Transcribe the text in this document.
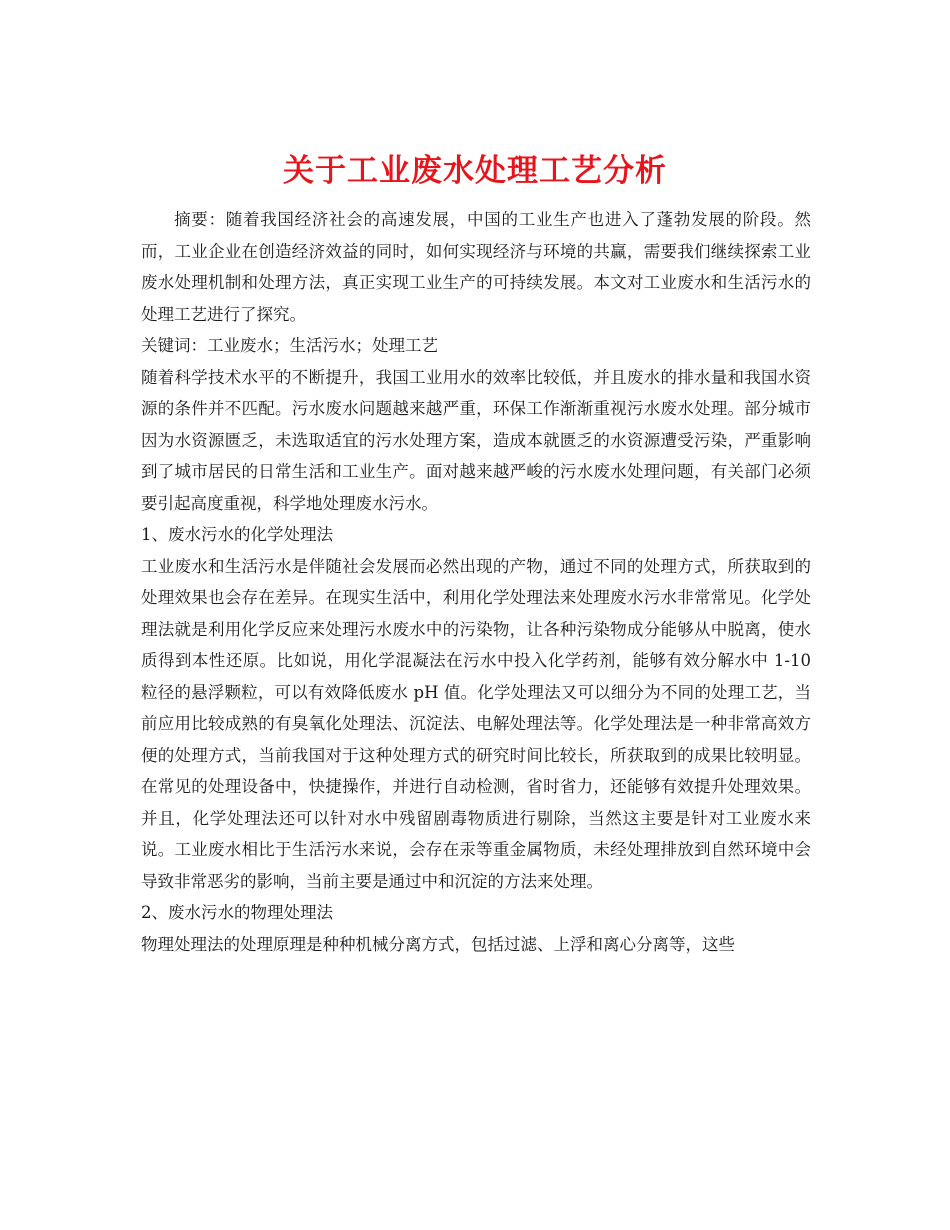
关于工业废水处理工艺分析

摘要：随着我国经济社会的高速发展，中国的工业生产也进入了蓬勃发展的阶段。然而，工业企业在创造经济效益的同时，如何实现经济与环境的共赢，需要我们继续探索工业废水处理机制和处理方法，真正实现工业生产的可持续发展。本文对工业废水和生活污水的处理工艺进行了探究。

关键词：工业废水；生活污水；处理工艺

随着科学技术水平的不断提升，我国工业用水的效率比较低，并且废水的排水量和我国水资源的条件并不匹配。污水废水问题越来越严重，环保工作渐渐重视污水废水处理。部分城市因为水资源匮乏，未选取适宜的污水处理方案，造成本就匮乏的水资源遭受污染，严重影响到了城市居民的日常生活和工业生产。面对越来越严峻的污水废水处理问题，有关部门必须要引起高度重视，科学地处理废水污水。

1、废水污水的化学处理法

工业废水和生活污水是伴随社会发展而必然出现的产物，通过不同的处理方式，所获取到的处理效果也会存在差异。在现实生活中，利用化学处理法来处理废水污水非常常见。化学处理法就是利用化学反应来处理污水废水中的污染物，让各种污染物成分能够从中脱离，使水质得到本性还原。比如说，用化学混凝法在污水中投入化学药剂，能够有效分解水中 1-10 粒径的悬浮颗粒，可以有效降低废水 pH 值。化学处理法又可以细分为不同的处理工艺，当前应用比较成熟的有臭氧化处理法、沉淀法、电解处理法等。化学处理法是一种非常高效方便的处理方式，当前我国对于这种处理方式的研究时间比较长，所获取到的成果比较明显。在常见的处理设备中，快捷操作，并进行自动检测，省时省力，还能够有效提升处理效果。并且，化学处理法还可以针对水中残留剧毒物质进行剔除，当然这主要是针对工业废水来说。工业废水相比于生活污水来说，会存在汞等重金属物质，未经处理排放到自然环境中会导致非常恶劣的影响，当前主要是通过中和沉淀的方法来处理。

2、废水污水的物理处理法

物理处理法的处理原理是种种机械分离方式，包括过滤、上浮和离心分离等，这些
